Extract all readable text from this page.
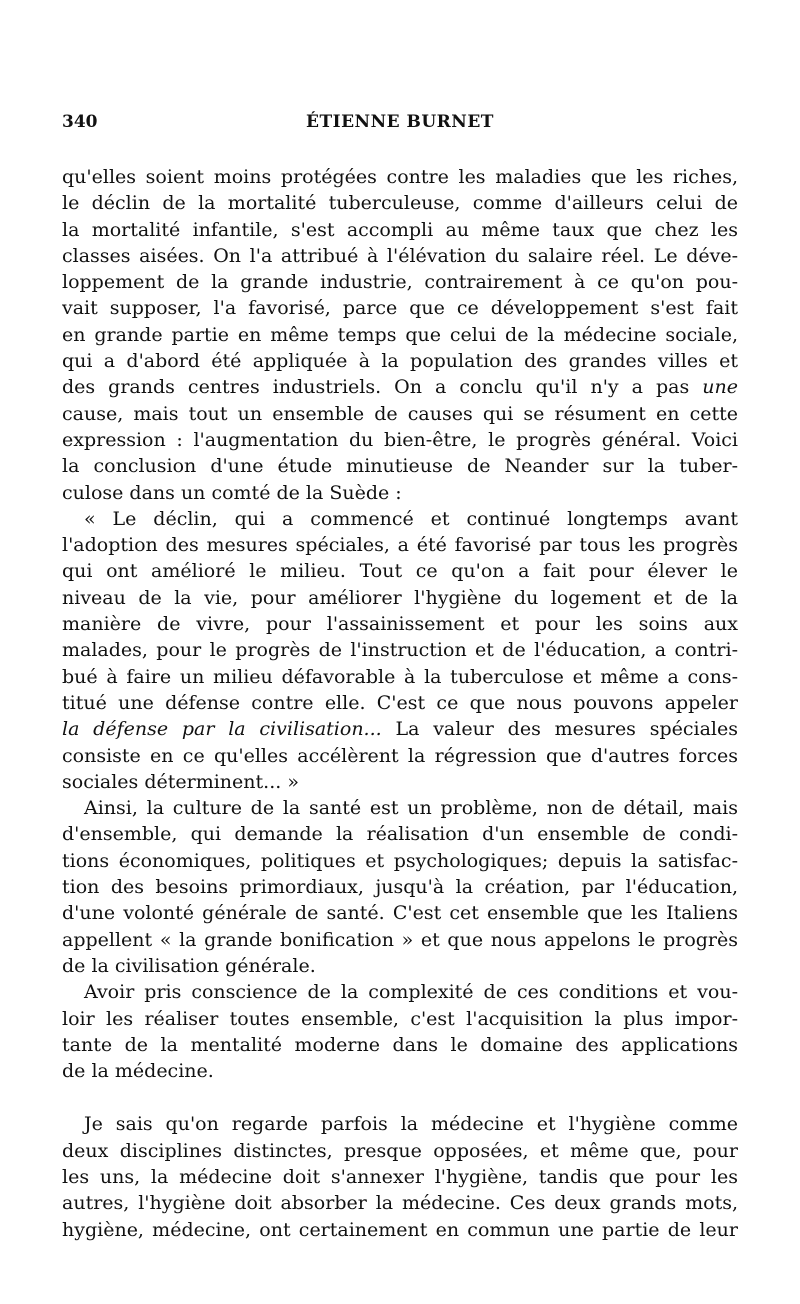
340	ÉTIENNE BURNET
qu'elles soient moins protégées contre les maladies que les riches,
le déclin de la mortalité tuberculeuse, comme d'ailleurs celui de
la mortalité infantile, s'est accompli au même taux que chez les
classes aisées. On l'a attribué à l'élévation du salaire réel. Le déve-
loppement de la grande industrie, contrairement à ce qu'on pou-
vait supposer, l'a favorisé, parce que ce développement s'est fait
en grande partie en même temps que celui de la médecine sociale,
qui a d'abord été appliquée à la population des grandes villes et
des grands centres industriels. On a conclu qu'il n'y a pas une
cause, mais tout un ensemble de causes qui se résument en cette
expression : l'augmentation du bien-être, le progrès général. Voici
la conclusion d'une étude minutieuse de Neander sur la tuber-
culose dans un comté de la Suède :
« Le déclin, qui a commencé et continué longtemps avant
l'adoption des mesures spéciales, a été favorisé par tous les progrès
qui ont amélioré le milieu. Tout ce qu'on a fait pour élever le
niveau de la vie, pour améliorer l'hygiène du logement et de la
manière de vivre, pour l'assainissement et pour les soins aux
malades, pour le progrès de l'instruction et de l'éducation, a contri-
bué à faire un milieu défavorable à la tuberculose et même a cons-
titué une défense contre elle. C'est ce que nous pouvons appeler
la défense par la civilisation... La valeur des mesures spéciales
consiste en ce qu'elles accélèrent la régression que d'autres forces
sociales déterminent... »
Ainsi, la culture de la santé est un problème, non de détail, mais
d'ensemble, qui demande la réalisation d'un ensemble de condi-
tions économiques, politiques et psychologiques; depuis la satisfac-
tion des besoins primordiaux, jusqu'à la création, par l'éducation,
d'une volonté générale de santé. C'est cet ensemble que les Italiens
appellent « la grande bonification » et que nous appelons le progrès
de la civilisation générale.
Avoir pris conscience de la complexité de ces conditions et vou-
loir les réaliser toutes ensemble, c'est l'acquisition la plus impor-
tante de la mentalité moderne dans le domaine des applications
de la médecine.
Je sais qu'on regarde parfois la médecine et l'hygiène comme
deux disciplines distinctes, presque opposées, et même que, pour
les uns, la médecine doit s'annexer l'hygiène, tandis que pour les
autres, l'hygiène doit absorber la médecine. Ces deux grands mots,
hygiène, médecine, ont certainement en commun une partie de leur
